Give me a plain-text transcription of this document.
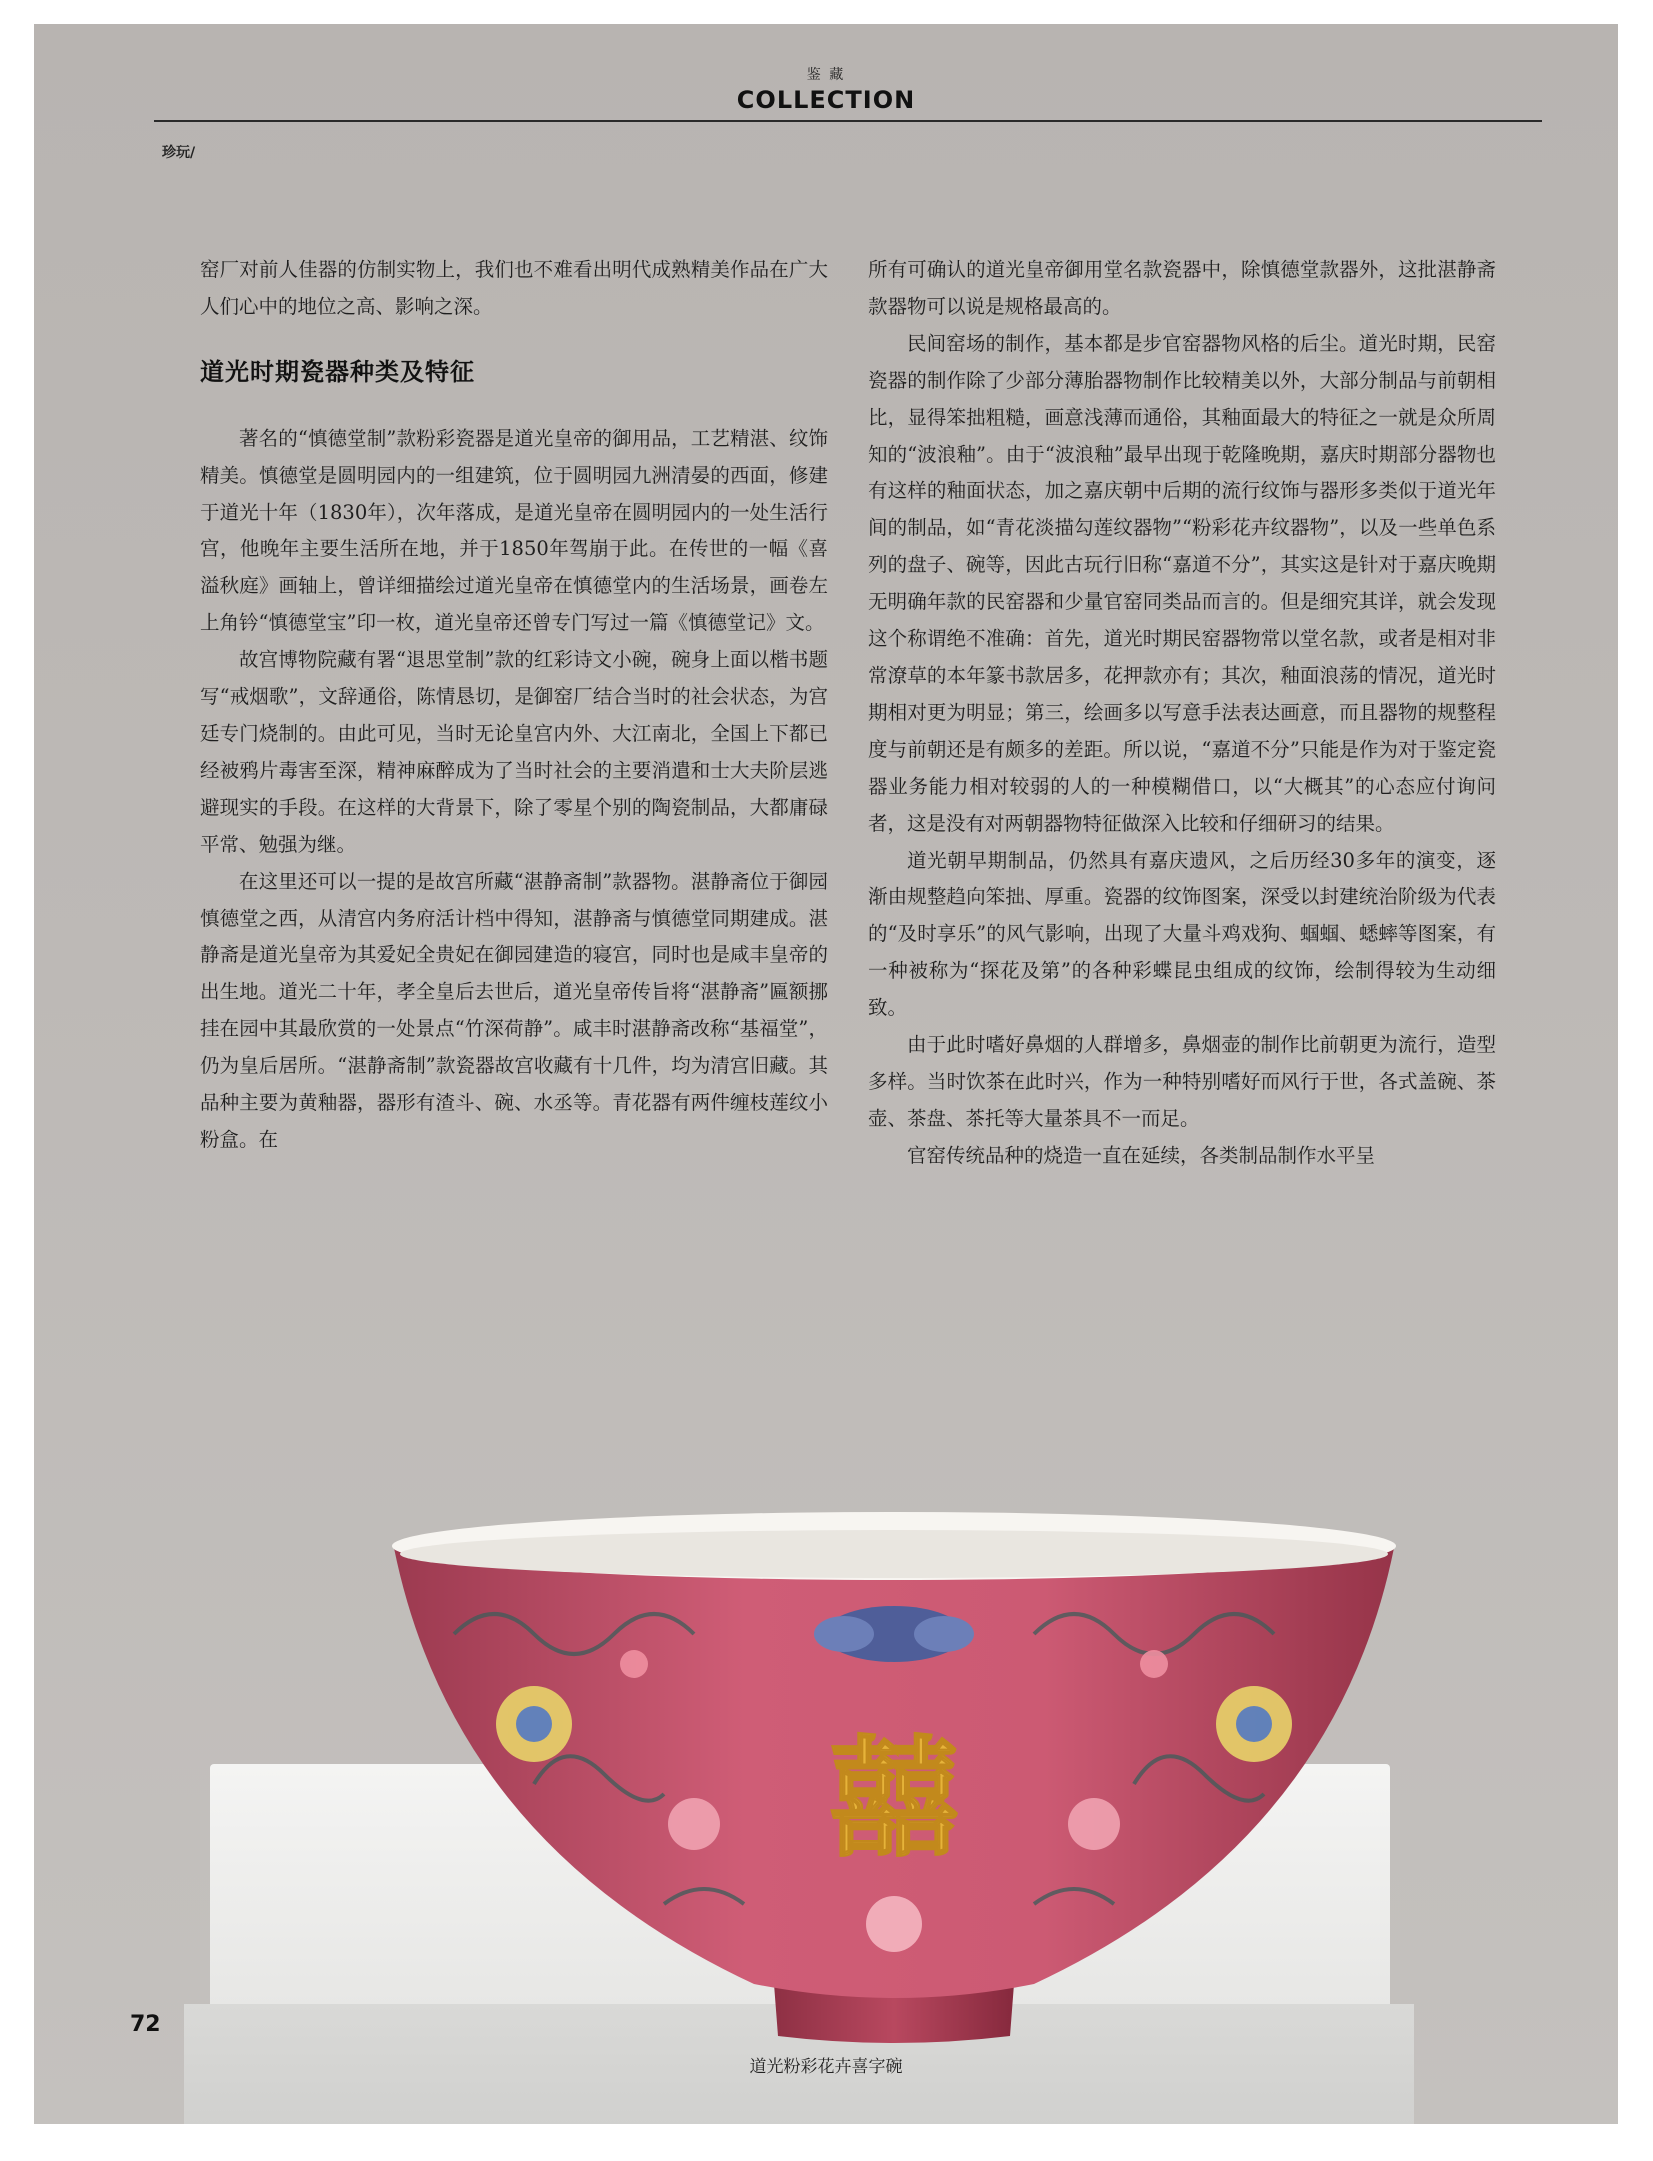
鉴 藏
COLLECTION
珍玩/

窑厂对前人佳器的仿制实物上，我们也不难看出明代成熟精美作品在广大人们心中的地位之高、影响之深。

道光时期瓷器种类及特征

著名的“慎德堂制”款粉彩瓷器是道光皇帝的御用品，工艺精湛、纹饰精美。慎德堂是圆明园内的一组建筑，位于圆明园九洲清晏的西面，修建于道光十年（1830年），次年落成，是道光皇帝在圆明园内的一处生活行宫，他晚年主要生活所在地，并于1850年驾崩于此。在传世的一幅《喜溢秋庭》画轴上，曾详细描绘过道光皇帝在慎德堂内的生活场景，画卷左上角钤“慎德堂宝”印一枚，道光皇帝还曾专门写过一篇《慎德堂记》文。

故宫博物院藏有署“退思堂制”款的红彩诗文小碗，碗身上面以楷书题写“戒烟歌”，文辞通俗，陈情恳切，是御窑厂结合当时的社会状态，为宫廷专门烧制的。由此可见，当时无论皇宫内外、大江南北，全国上下都已经被鸦片毒害至深，精神麻醉成为了当时社会的主要消遣和士大夫阶层逃避现实的手段。在这样的大背景下，除了零星个别的陶瓷制品，大都庸碌平常、勉强为继。

在这里还可以一提的是故宫所藏“湛静斋制”款器物。湛静斋位于御园慎德堂之西，从清宫内务府活计档中得知，湛静斋与慎德堂同期建成。湛静斋是道光皇帝为其爱妃全贵妃在御园建造的寝宫，同时也是咸丰皇帝的出生地。道光二十年，孝全皇后去世后，道光皇帝传旨将“湛静斋”匾额挪挂在园中其最欣赏的一处景点“竹深荷静”。咸丰时湛静斋改称“基福堂”，仍为皇后居所。“湛静斋制”款瓷器故宫收藏有十几件，均为清宫旧藏。其品种主要为黄釉器，器形有渣斗、碗、水丞等。青花器有两件缠枝莲纹小粉盒。在

所有可确认的道光皇帝御用堂名款瓷器中，除慎德堂款器外，这批湛静斋款器物可以说是规格最高的。

民间窑场的制作，基本都是步官窑器物风格的后尘。道光时期，民窑瓷器的制作除了少部分薄胎器物制作比较精美以外，大部分制品与前朝相比，显得笨拙粗糙，画意浅薄而通俗，其釉面最大的特征之一就是众所周知的“波浪釉”。由于“波浪釉”最早出现于乾隆晚期，嘉庆时期部分器物也有这样的釉面状态，加之嘉庆朝中后期的流行纹饰与器形多类似于道光年间的制品，如“青花淡描勾莲纹器物”“粉彩花卉纹器物”，以及一些单色系列的盘子、碗等，因此古玩行旧称“嘉道不分”，其实这是针对于嘉庆晚期无明确年款的民窑器和少量官窑同类品而言的。但是细究其详，就会发现这个称谓绝不准确：首先，道光时期民窑器物常以堂名款，或者是相对非常潦草的本年篆书款居多，花押款亦有；其次，釉面浪荡的情况，道光时期相对更为明显；第三，绘画多以写意手法表达画意，而且器物的规整程度与前朝还是有颇多的差距。所以说，“嘉道不分”只能是作为对于鉴定瓷器业务能力相对较弱的人的一种模糊借口，以“大概其”的心态应付询问者，这是没有对两朝器物特征做深入比较和仔细研习的结果。

道光朝早期制品，仍然具有嘉庆遗风，之后历经30多年的演变，逐渐由规整趋向笨拙、厚重。瓷器的纹饰图案，深受以封建统治阶级为代表的“及时享乐”的风气影响，出现了大量斗鸡戏狗、蝈蝈、蟋蟀等图案，有一种被称为“探花及第”的各种彩蝶昆虫组成的纹饰，绘制得较为生动细致。

由于此时嗜好鼻烟的人群增多，鼻烟壶的制作比前朝更为流行，造型多样。当时饮茶在此时兴，作为一种特别嗜好而风行于世，各式盖碗、茶壶、茶盘、茶托等大量茶具不一而足。

官窑传统品种的烧造一直在延续，各类制品制作水平呈

囍
72
道光粉彩花卉喜字碗
